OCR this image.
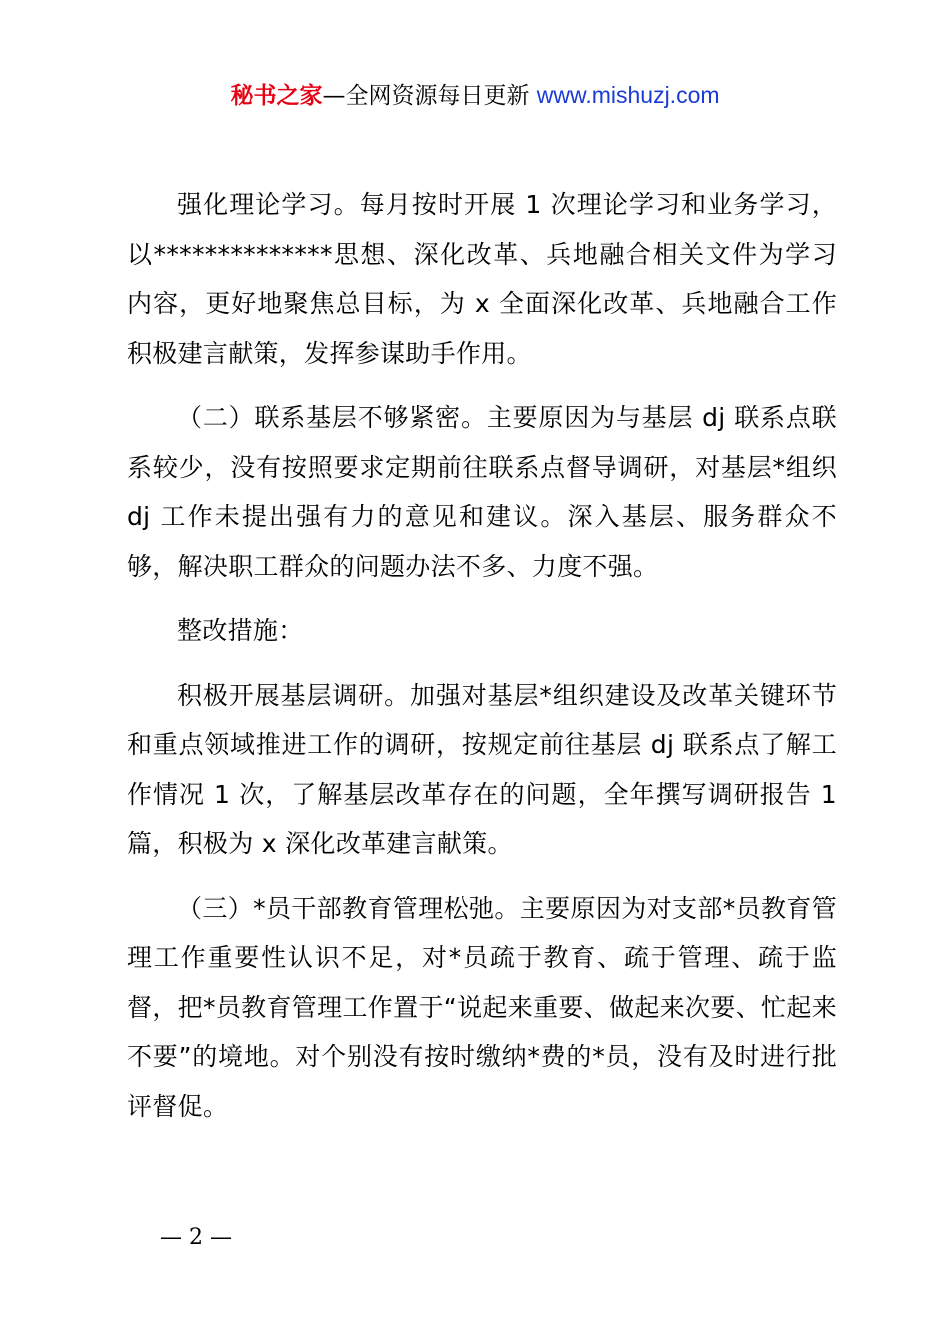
秘书之家—全网资源每日更新 www.mishuzj.com

强化理论学习。每月按时开展 1 次理论学习和业务学习，以**************思想、深化改革、兵地融合相关文件为学习内容，更好地聚焦总目标，为 x 全面深化改革、兵地融合工作积极建言献策，发挥参谋助手作用。

（二）联系基层不够紧密。主要原因为与基层 dj 联系点联系较少，没有按照要求定期前往联系点督导调研，对基层*组织 dj 工作未提出强有力的意见和建议。深入基层、服务群众不够，解决职工群众的问题办法不多、力度不强。

整改措施：

积极开展基层调研。加强对基层*组织建设及改革关键环节和重点领域推进工作的调研，按规定前往基层 dj 联系点了解工作情况 1 次，了解基层改革存在的问题，全年撰写调研报告 1 篇，积极为 x 深化改革建言献策。

（三）*员干部教育管理松弛。主要原因为对支部*员教育管理工作重要性认识不足，对*员疏于教育、疏于管理、疏于监督，把*员教育管理工作置于“说起来重要、做起来次要、忙起来不要”的境地。对个别没有按时缴纳*费的*员，没有及时进行批评督促。

— 2 —
